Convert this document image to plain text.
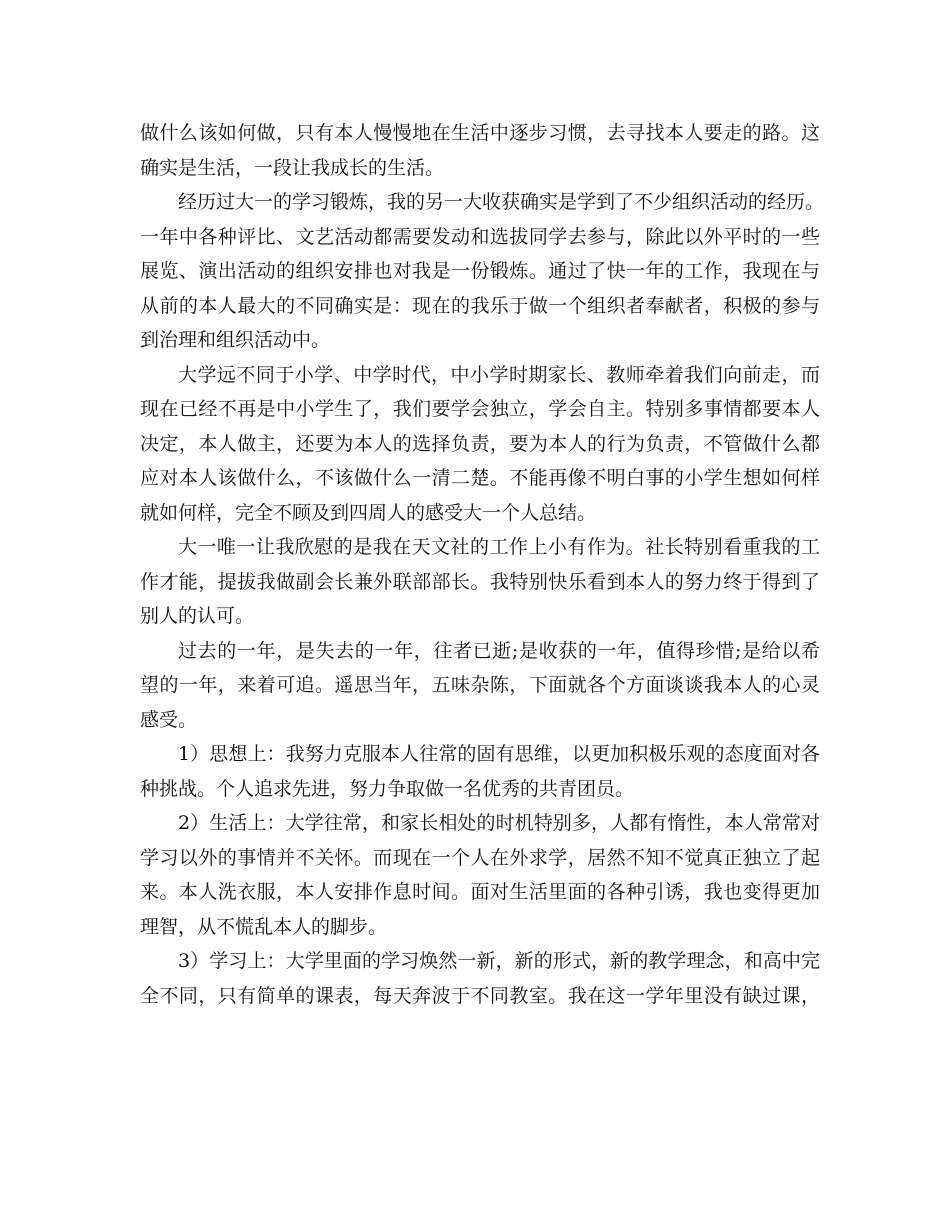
做什么该如何做，只有本人慢慢地在生活中逐步习惯，去寻找本人要走的路。这
确实是生活，一段让我成长的生活。
经历过大一的学习锻炼，我的另一大收获确实是学到了不少组织活动的经历。
一年中各种评比、文艺活动都需要发动和选拔同学去参与，除此以外平时的一些
展览、演出活动的组织安排也对我是一份锻炼。通过了快一年的工作，我现在与
从前的本人最大的不同确实是：现在的我乐于做一个组织者奉献者，积极的参与
到治理和组织活动中。
大学远不同于小学、中学时代，中小学时期家长、教师牵着我们向前走，而
现在已经不再是中小学生了，我们要学会独立，学会自主。特别多事情都要本人
决定，本人做主，还要为本人的选择负责，要为本人的行为负责，不管做什么都
应对本人该做什么，不该做什么一清二楚。不能再像不明白事的小学生想如何样
就如何样，完全不顾及到四周人的感受大一个人总结。
大一唯一让我欣慰的是我在天文社的工作上小有作为。社长特别看重我的工
作才能，提拔我做副会长兼外联部部长。我特别快乐看到本人的努力终于得到了
别人的认可。
过去的一年，是失去的一年，往者已逝;是收获的一年，值得珍惜;是给以希
望的一年，来着可追。遥思当年，五味杂陈，下面就各个方面谈谈我本人的心灵
感受。
1）思想上：我努力克服本人往常的固有思维，以更加积极乐观的态度面对各
种挑战。个人追求先进，努力争取做一名优秀的共青团员。
2）生活上：大学往常，和家长相处的时机特别多，人都有惰性，本人常常对
学习以外的事情并不关怀。而现在一个人在外求学，居然不知不觉真正独立了起
来。本人洗衣服，本人安排作息时间。面对生活里面的各种引诱，我也变得更加
理智，从不慌乱本人的脚步。
3）学习上：大学里面的学习焕然一新，新的形式，新的教学理念，和高中完
全不同，只有简单的课表，每天奔波于不同教室。我在这一学年里没有缺过课，
